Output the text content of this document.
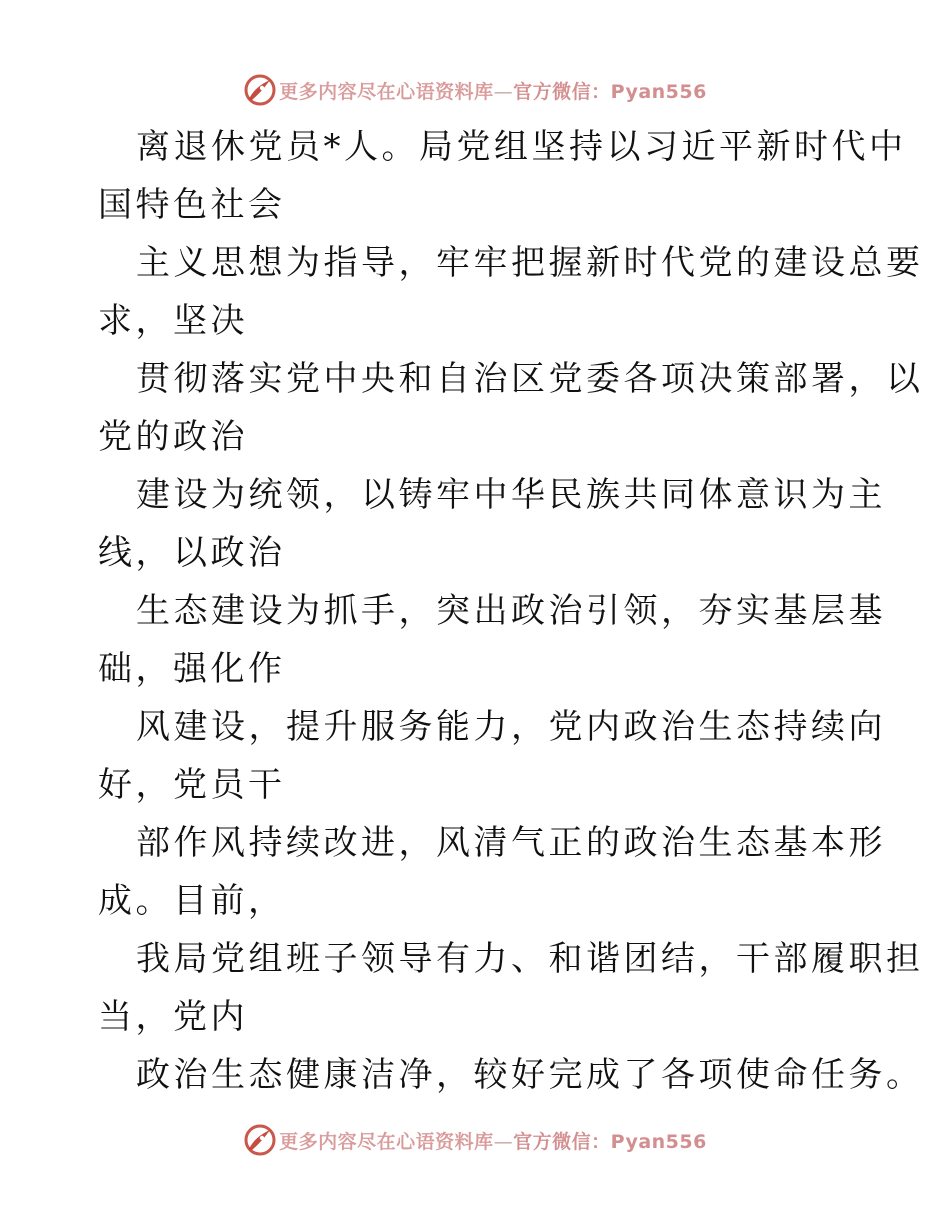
更多内容尽在心语资料库—官方微信：Pyan556
离退休党员*人。局党组坚持以习近平新时代中
国特色社会
主义思想为指导，牢牢把握新时代党的建设总要
求，坚决
贯彻落实党中央和自治区党委各项决策部署，以
党的政治
建设为统领，以铸牢中华民族共同体意识为主
线，以政治
生态建设为抓手，突出政治引领，夯实基层基
础，强化作
风建设，提升服务能力，党内政治生态持续向
好，党员干
部作风持续改进，风清气正的政治生态基本形
成。目前，
我局党组班子领导有力、和谐团结，干部履职担
当，党内
政治生态健康洁净，较好完成了各项使命任务。
更多内容尽在心语资料库—官方微信：Pyan556
